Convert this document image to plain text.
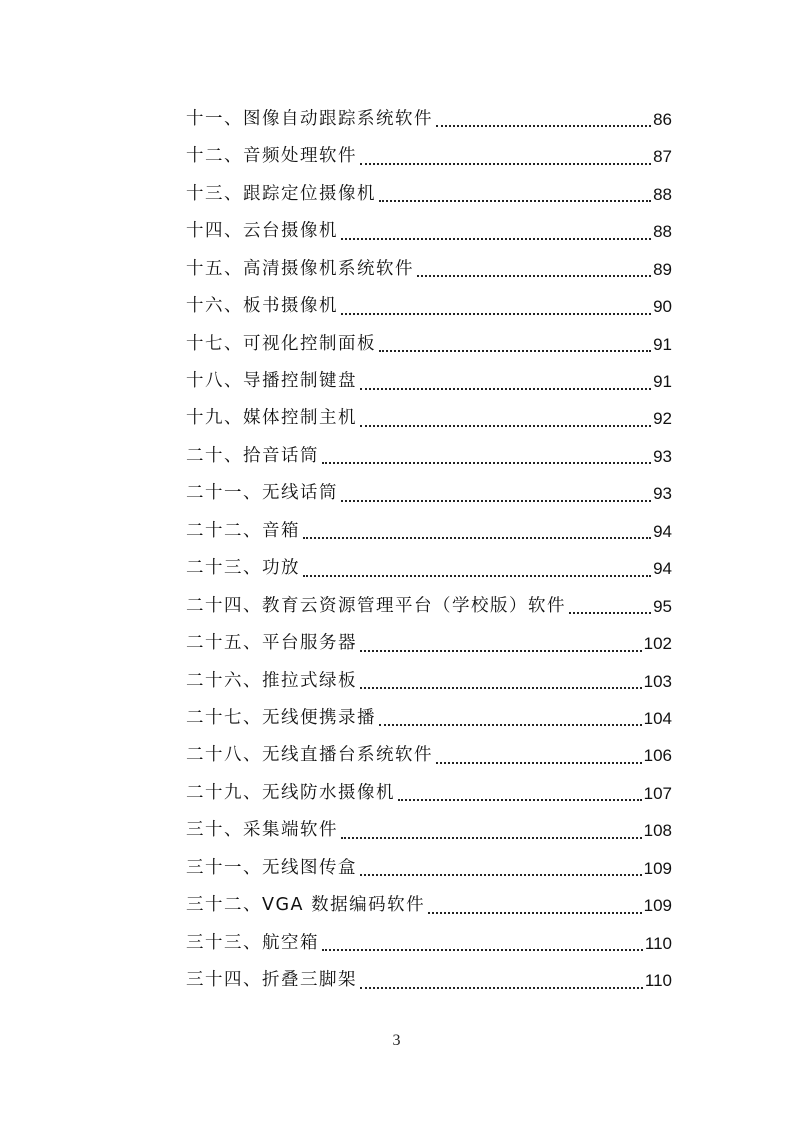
十一、图像自动跟踪系统软件	86
十二、音频处理软件	87
十三、跟踪定位摄像机	88
十四、云台摄像机	88
十五、高清摄像机系统软件	89
十六、板书摄像机	90
十七、可视化控制面板	91
十八、导播控制键盘	91
十九、媒体控制主机	92
二十、拾音话筒	93
二十一、无线话筒	93
二十二、音箱	94
二十三、功放	94
二十四、教育云资源管理平台（学校版）软件	95
二十五、平台服务器	102
二十六、推拉式绿板	103
二十七、无线便携录播	104
二十八、无线直播台系统软件	106
二十九、无线防水摄像机	107
三十、采集端软件	108
三十一、无线图传盒	109
三十二、VGA 数据编码软件	109
三十三、航空箱	110
三十四、折叠三脚架	110
3
